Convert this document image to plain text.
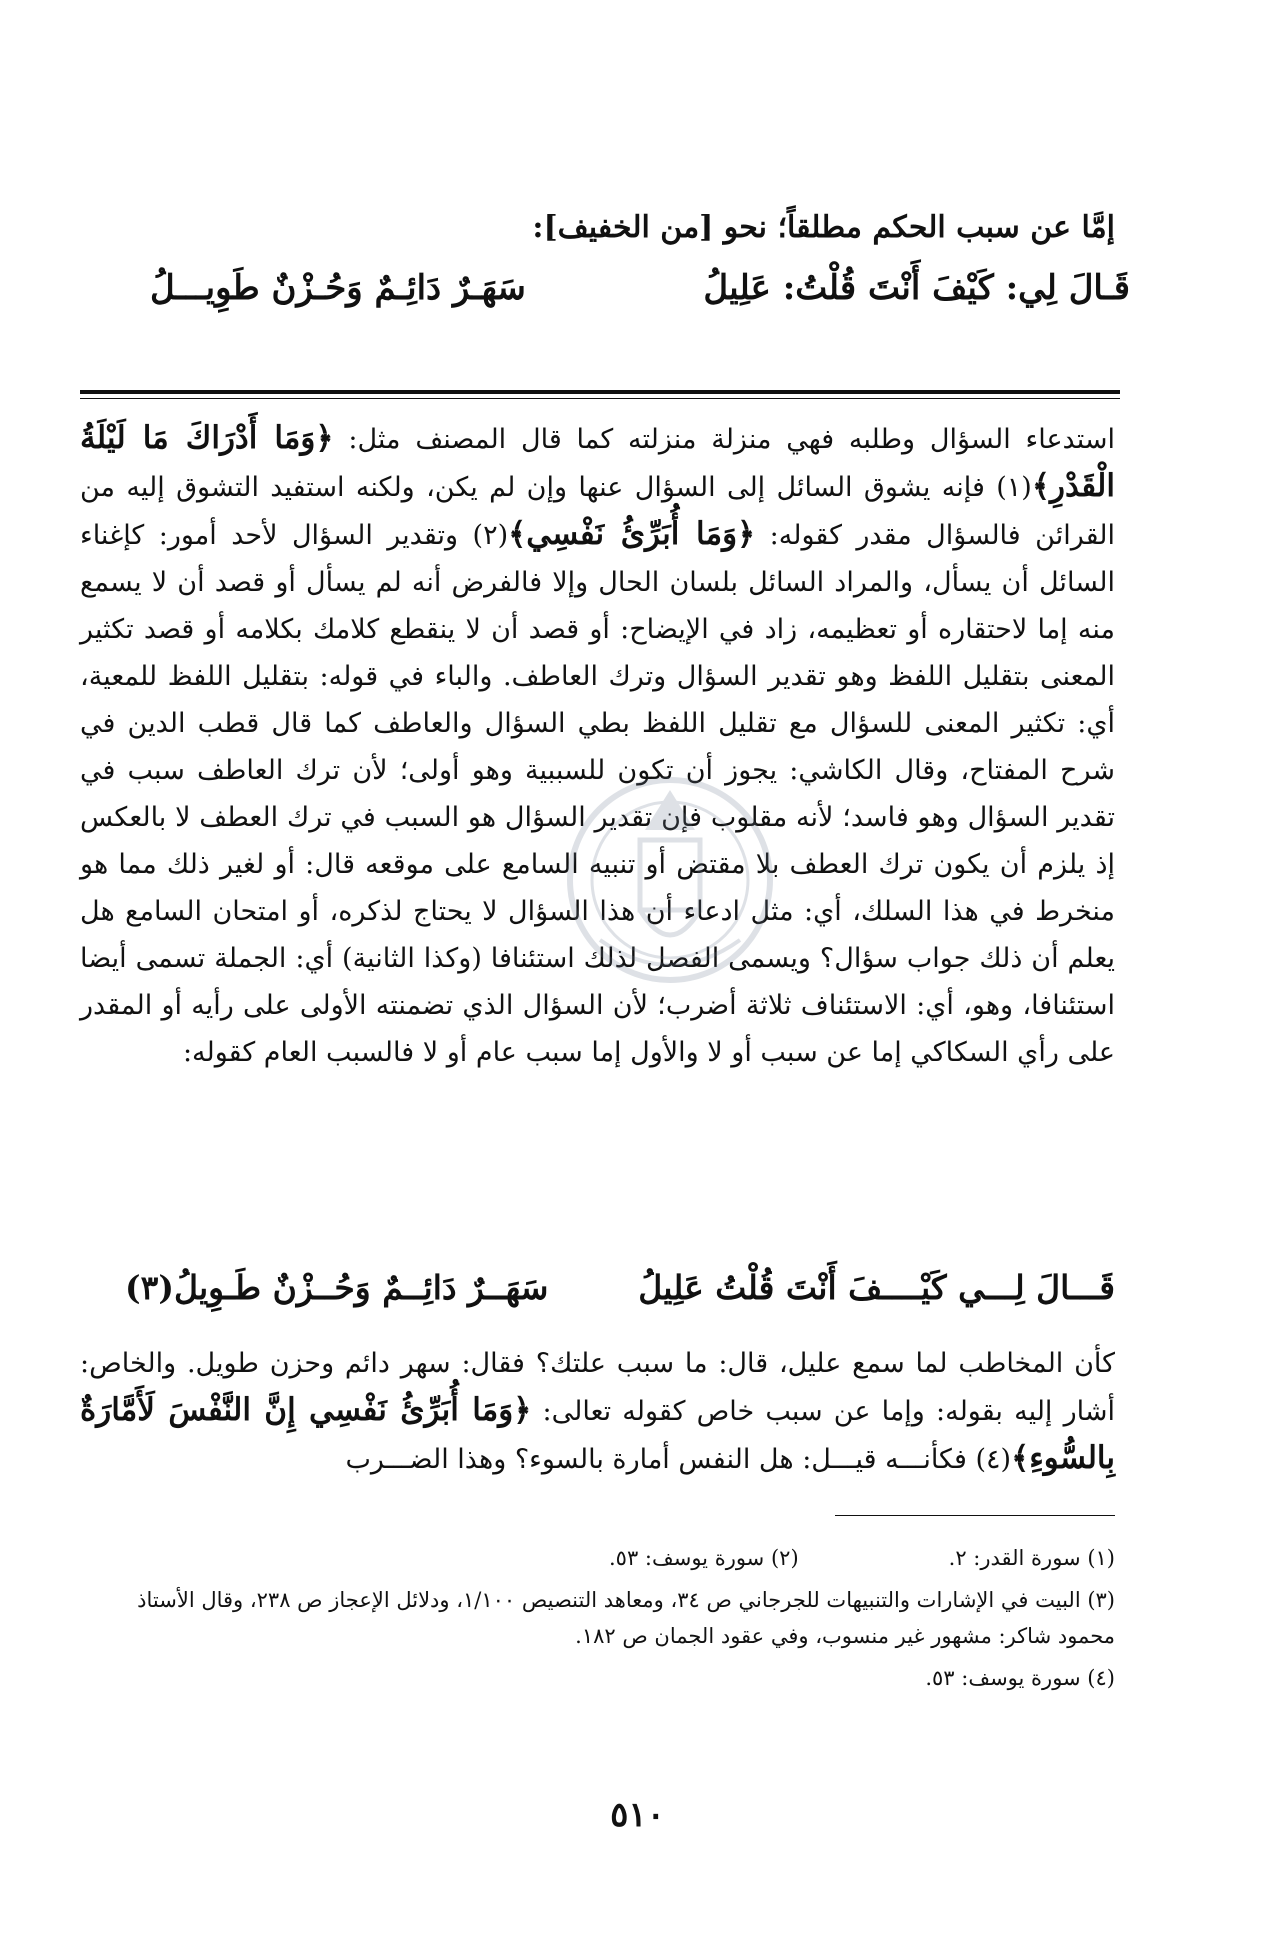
إمَّا عن سبب الحكم مطلقاً؛ نحو [من الخفيف]:
قَـالَ لِي: كَيْفَ أَنْتَ قُلْتُ: عَلِيلُ
سَهَـرٌ دَائِـمٌ وَحُـزْنٌ طَوِيـــلُ
استدعاء السؤال وطلبه فهي منزلة منزلته كما قال المصنف مثل: ﴿وَمَا أَدْرَاكَ مَا لَيْلَةُ الْقَدْرِ﴾(١) فإنه يشوق السائل إلى السؤال عنها وإن لم يكن، ولكنه استفيد التشوق إليه من القرائن فالسؤال مقدر كقوله: ﴿وَمَا أُبَرِّئُ نَفْسِي﴾(٢) وتقدير السؤال لأحد أمور: كإغناء السائل أن يسأل، والمراد السائل بلسان الحال وإلا فالفرض أنه لم يسأل أو قصد أن لا يسمع منه إما لاحتقاره أو تعظيمه، زاد في الإيضاح: أو قصد أن لا ينقطع كلامك بكلامه أو قصد تكثير المعنى بتقليل اللفظ وهو تقدير السؤال وترك العاطف. والباء في قوله: بتقليل اللفظ للمعية، أي: تكثير المعنى للسؤال مع تقليل اللفظ بطي السؤال والعاطف كما قال قطب الدين في شرح المفتاح، وقال الكاشي: يجوز أن تكون للسببية وهو أولى؛ لأن ترك العاطف سبب في تقدير السؤال وهو فاسد؛ لأنه مقلوب فإن تقدير السؤال هو السبب في ترك العطف لا بالعكس إذ يلزم أن يكون ترك العطف بلا مقتض أو تنبيه السامع على موقعه قال: أو لغير ذلك مما هو منخرط في هذا السلك، أي: مثل ادعاء أن هذا السؤال لا يحتاج لذكره، أو امتحان السامع هل يعلم أن ذلك جواب سؤال؟ ويسمى الفصل لذلك استئنافا (وكذا الثانية) أي: الجملة تسمى أيضا استئنافا، وهو، أي: الاستئناف ثلاثة أضرب؛ لأن السؤال الذي تضمنته الأولى على رأيه أو المقدر على رأي السكاكي إما عن سبب أو لا والأول إما سبب عام أو لا فالسبب العام كقوله:
قَـــالَ لِـــي كَيْــــفَ أَنْتَ قُلْتُ عَلِيلُ
سَهَــرٌ دَائِــمٌ وَحُــزْنٌ طَـوِيلُ(٣)
كأن المخاطب لما سمع عليل، قال: ما سبب علتك؟ فقال: سهر دائم وحزن طويل. والخاص: أشار إليه بقوله: وإما عن سبب خاص كقوله تعالى: ﴿وَمَا أُبَرِّئُ نَفْسِي إِنَّ النَّفْسَ لَأَمَّارَةٌ بِالسُّوءِ﴾(٤) فكأنـــه قيـــل: هل النفس أمارة بالسوء؟ وهذا الضـــرب
(١) سورة القدر: ٢.
(٢) سورة يوسف: ٥٣.
(٣) البيت في الإشارات والتنبيهات للجرجاني ص ٣٤، ومعاهد التنصيص ١/١٠٠، ودلائل الإعجاز ص ٢٣٨، وقال الأستاذ محمود شاكر: مشهور غير منسوب، وفي عقود الجمان ص ١٨٢.
(٤) سورة يوسف: ٥٣.
٥١٠
